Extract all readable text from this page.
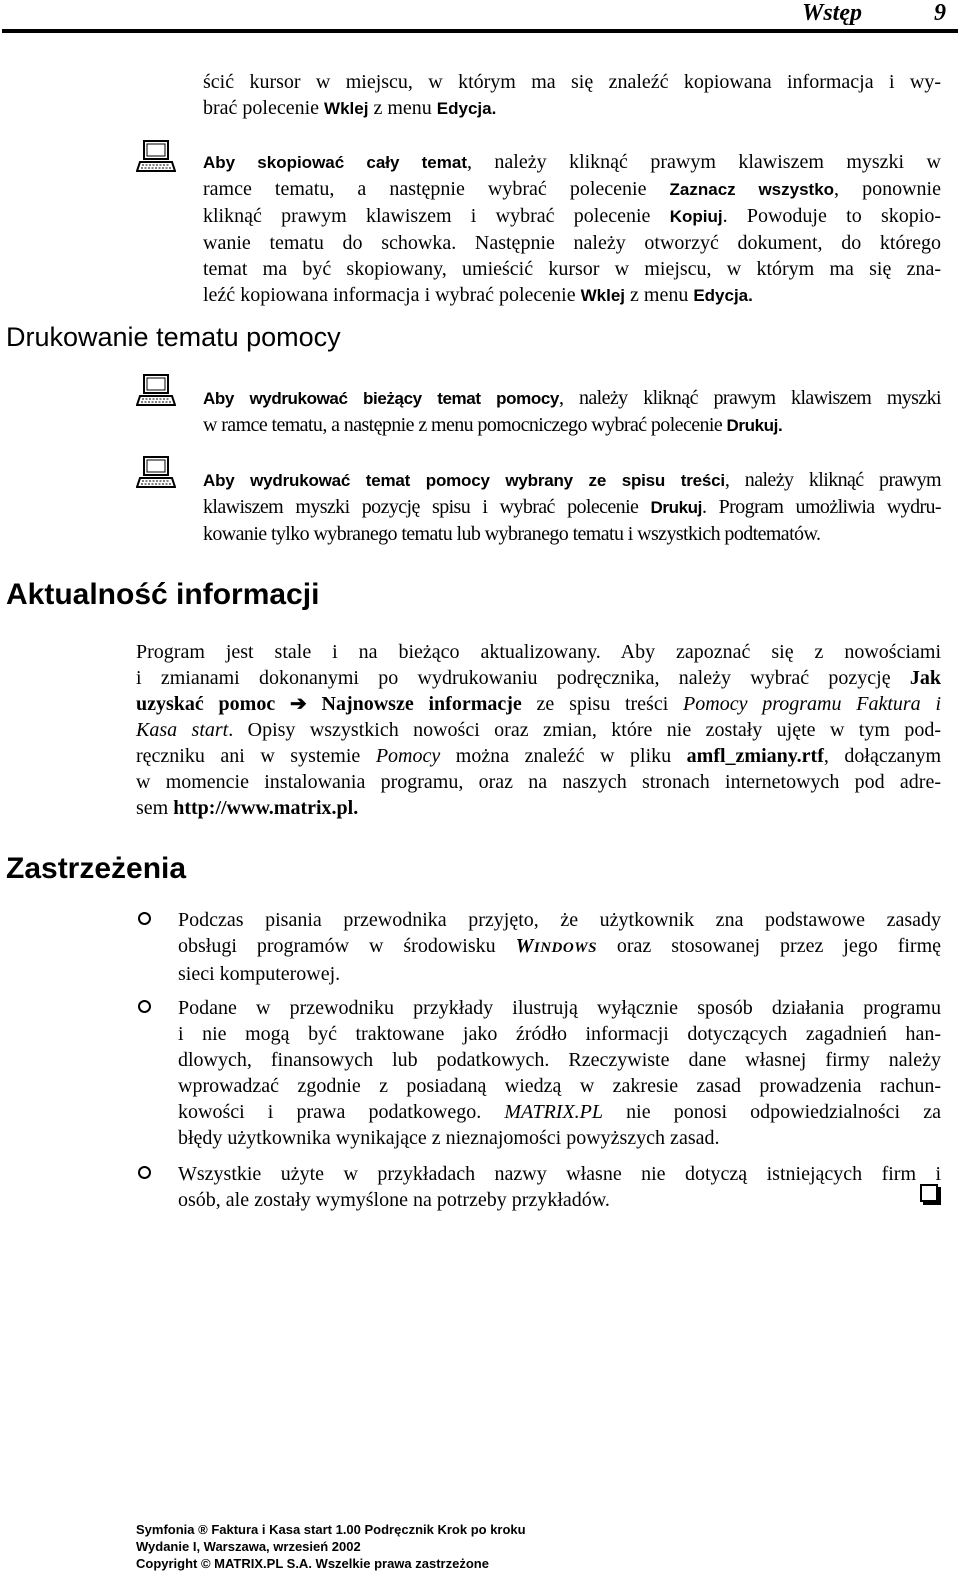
Wstęp	9
ścić kursor w miejscu, w którym ma się znaleźć kopiowana informacja i wy-
brać polecenie Wklej z menu Edycja.
Aby skopiować cały temat, należy kliknąć prawym klawiszem myszki w
ramce tematu, a następnie wybrać polecenie Zaznacz wszystko, ponownie
kliknąć prawym klawiszem i wybrać polecenie Kopiuj. Powoduje to skopio-
wanie tematu do schowka. Następnie należy otworzyć dokument, do którego
temat ma być skopiowany, umieścić kursor w miejscu, w którym ma się zna-
leźć kopiowana informacja i wybrać polecenie Wklej z menu Edycja.
Drukowanie tematu pomocy
Aby wydrukować bieżący temat pomocy, należy kliknąć prawym klawiszem myszki
w ramce tematu, a następnie z menu pomocniczego wybrać polecenie Drukuj.
Aby wydrukować temat pomocy wybrany ze spisu treści, należy kliknąć prawym
klawiszem myszki pozycję spisu i wybrać polecenie Drukuj. Program umożliwia wydru-
kowanie tylko wybranego tematu lub wybranego tematu i wszystkich podtematów.
Aktualność informacji
Program jest stale i na bieżąco aktualizowany. Aby zapoznać się z nowościami
i zmianami dokonanymi po wydrukowaniu podręcznika, należy wybrać pozycję Jak
uzyskać pomoc ➔ Najnowsze informacje ze spisu treści Pomocy programu Faktura i
Kasa start. Opisy wszystkich nowości oraz zmian, które nie zostały ujęte w tym pod-
ręczniku ani w systemie Pomocy można znaleźć w pliku amfl_zmiany.rtf, dołączanym
w momencie instalowania programu, oraz na naszych stronach internetowych pod adre-
sem http://www.matrix.pl.
Zastrzeżenia
Podczas pisania przewodnika przyjęto, że użytkownik zna podstawowe zasady
obsługi programów w środowisku WINDOWS oraz stosowanej przez jego firmę
sieci komputerowej.
Podane w przewodniku przykłady ilustrują wyłącznie sposób działania programu
i nie mogą być traktowane jako źródło informacji dotyczących zagadnień han-
dlowych, finansowych lub podatkowych. Rzeczywiste dane własnej firmy należy
wprowadzać zgodnie z posiadaną wiedzą w zakresie zasad prowadzenia rachun-
kowości i prawa podatkowego. MATRIX.PL nie ponosi odpowiedzialności za
błędy użytkownika wynikające z nieznajomości powyższych zasad.
Wszystkie użyte w przykładach nazwy własne nie dotyczą istniejących firm i
osób, ale zostały wymyślone na potrzeby przykładów.
Symfonia ® Faktura i Kasa start 1.00 Podręcznik Krok po kroku
Wydanie I, Warszawa, wrzesień 2002
Copyright © MATRIX.PL S.A. Wszelkie prawa zastrzeżone
